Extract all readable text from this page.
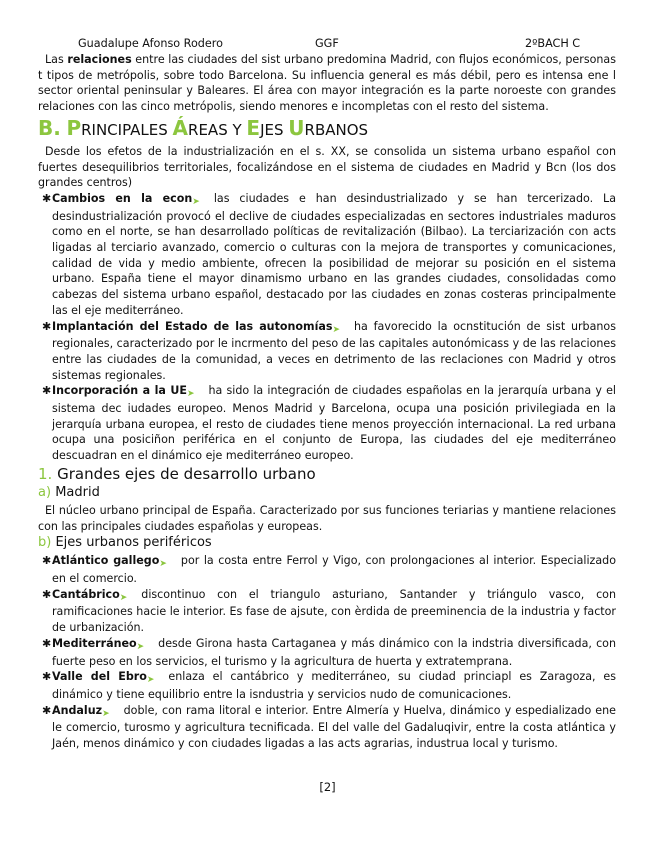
Guadalupe Afonso Rodero	GGF	2ºBACH C

Las relaciones entre las ciudades del sist urbano predomina Madrid, con flujos económicos, personas t tipos de metrópolis, sobre todo Barcelona. Su influencia general es más débil, pero es intensa ene l sector oriental peninsular y Baleares. El área con mayor integración es la parte noroeste con grandes relaciones con las cinco metrópolis, siendo menores e incompletas con el resto del sistema.

B. PRINCIPALES ÁREAS Y EJES URBANOS

Desde los efetos de la industrialización en el s. XX, se consolida un sistema urbano español con fuertes desequilibrios territoriales, focalizándose en el sistema de ciudades en Madrid y Bcn (los dos grandes centros)

✱ Cambios en la econ➤ las ciudades e han desindustrializado y se han tercerizado. La desindustrialización provocó el declive de ciudades especializadas en sectores industriales maduros como en el norte, se han desarrollado políticas de revitalización (Bilbao). La terciarización con acts ligadas al terciario avanzado, comercio o culturas con la mejora de transportes y comunicaciones, calidad de vida y medio ambiente, ofrecen la posibilidad de mejorar su posición en el sistema urbano. España tiene el mayor dinamismo urbano en las grandes ciudades, consolidadas como cabezas del sistema urbano español, destacado por las ciudades en zonas costeras principalmente las el eje mediterráneo.

✱ Implantación del Estado de las autonomías➤ ha favorecido la ocnstitución de sist urbanos regionales, caracterizado por le incrmento del peso de las capitales autonómicass y de las relaciones entre las ciudades de la comunidad, a veces en detrimento de las reclaciones con Madrid y otros sistemas regionales.

✱ Incorporación a la UE➤ ha sido la integración de ciudades españolas en la jerarquía urbana y el sistema dec iudades europeo. Menos Madrid y Barcelona, ocupa una posición privilegiada en la jerarquía urbana europea, el resto de ciudades tiene menos proyección internacional. La red urbana ocupa una posiciñon periférica en el conjunto de Europa, las ciudades del eje mediterráneo descuadran en el dinámico eje mediterráneo europeo.

1. Grandes ejes de desarrollo urbano
a) Madrid

El núcleo urbano principal de España. Caracterizado por sus funciones teriarias y mantiene relaciones con las principales ciudades españolas y europeas.

b) Ejes urbanos periféricos

✱ Atlántico gallego➤ por la costa entre Ferrol y Vigo, con prolongaciones al interior. Especializado en el comercio.

✱ Cantábrico➤ discontinuo con el triangulo asturiano, Santander y triángulo vasco, con ramificaciones hacie le interior. Es fase de ajsute, con èrdida de preeminencia de la industria y factor de urbanización.

✱ Mediterráneo➤ desde Girona hasta Cartaganea y más dinámico con la indstria diversificada, con fuerte peso en los servicios, el turismo y la agricultura de huerta y extratemprana.

✱ Valle del Ebro➤ enlaza el cantábrico y mediterráneo, su ciudad princiapl es Zaragoza, es dinámico y tiene equilibrio entre la isndustria y servicios nudo de comunicaciones.

✱ Andaluz➤ doble, con rama litoral e interior. Entre Almería y Huelva, dinámico y espedializado ene le comercio, turosmo y agricultura tecnificada. El del valle del Gadaluqivir, entre la costa atlántica y Jaén, menos dinámico y con ciudades ligadas a las acts agrarias, industrua local y turismo.

[2]
